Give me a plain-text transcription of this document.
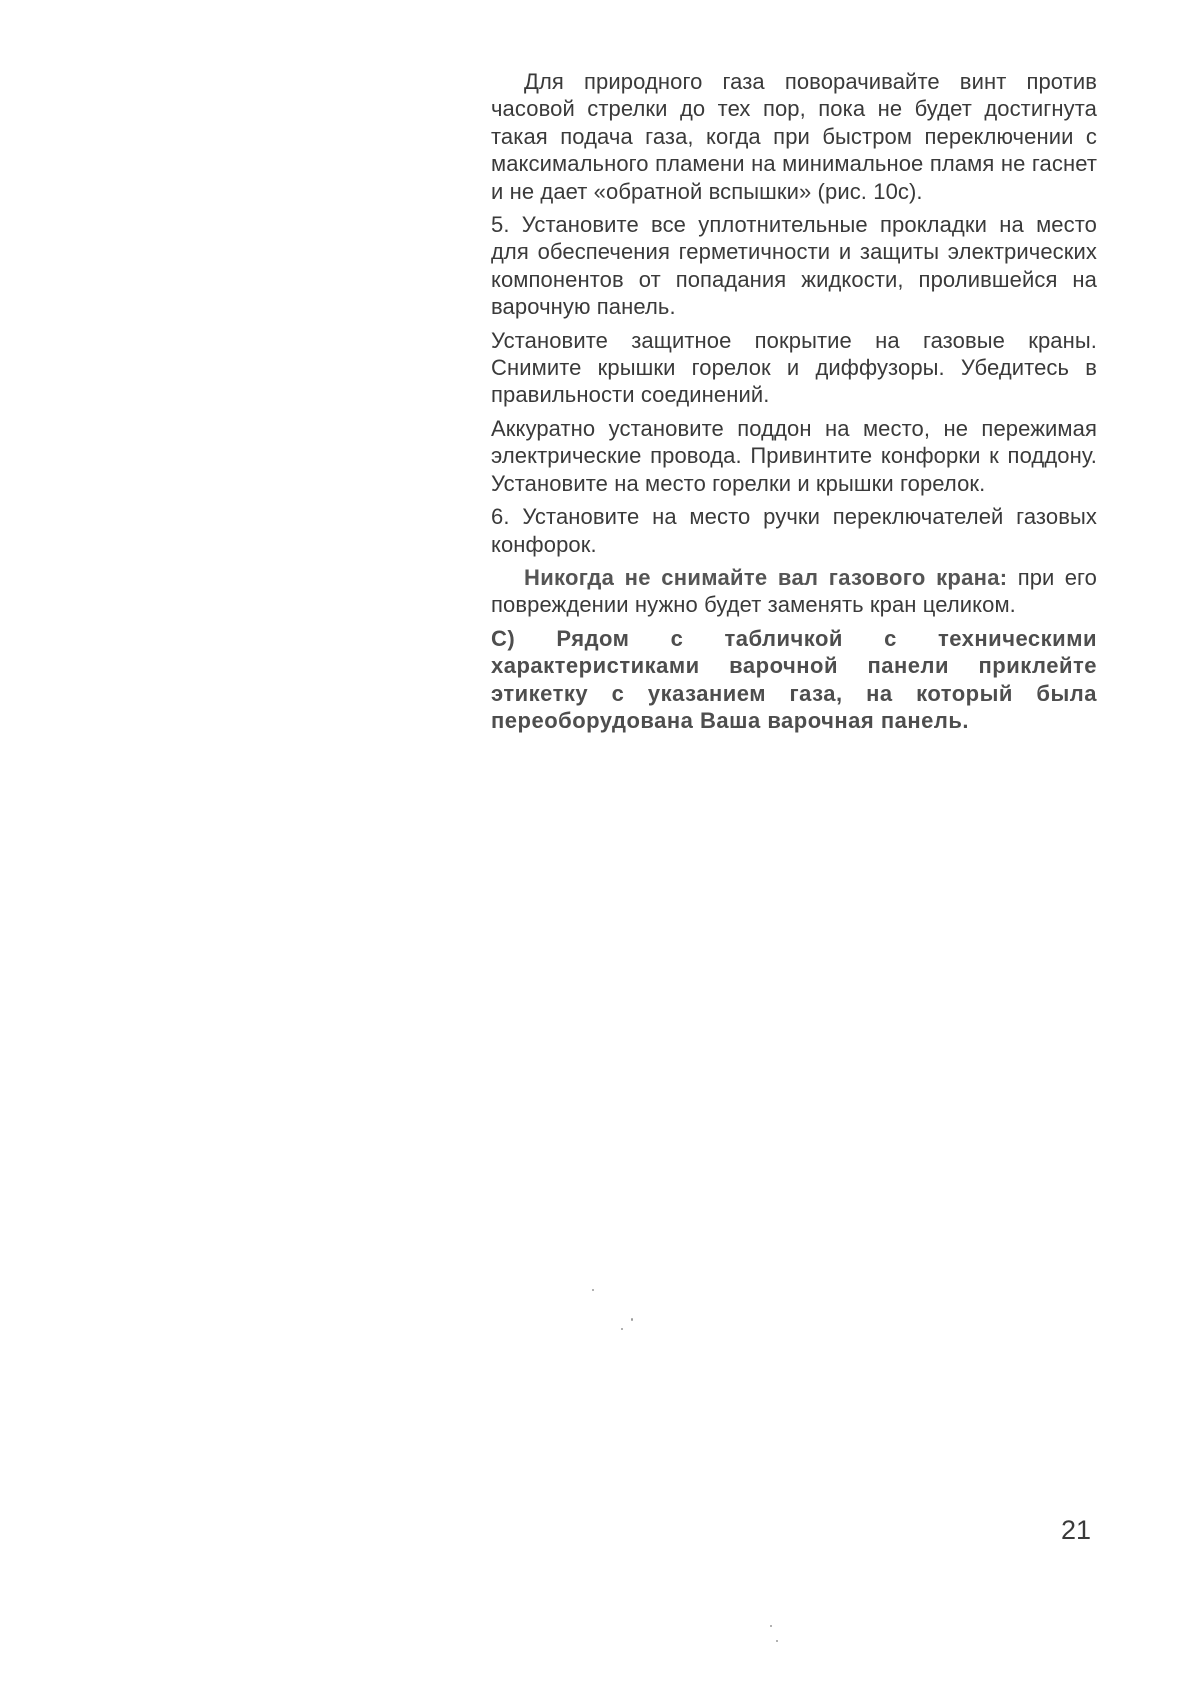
Для природного газа поворачивайте винт против часовой стрелки до тех пор, пока не будет достигнута такая подача газа, когда при быстром переключении с максимального пламени на минимальное пламя не гаснет и не дает «обратной вспышки» (рис. 10с).

5. Установите все уплотнительные прокладки на место для обеспечения герметичности и защиты электрических компонентов от попадания жидкости, пролившейся на варочную панель.

Установите защитное покрытие на газовые краны. Снимите крышки горелок и диффузоры. Убедитесь в правильности соединений.

Аккуратно установите поддон на место, не пережимая электрические провода. Привинтите конфорки к поддону. Установите на место горелки и крышки горелок.

6. Установите на место ручки переключателей газовых конфорок.

Никогда не снимайте вал газового крана: при его повреждении нужно будет заменять кран целиком.

С) Рядом с табличкой с техническими характеристиками варочной панели приклейте этикетку с указанием газа, на который была переоборудована Ваша варочная панель.

21
